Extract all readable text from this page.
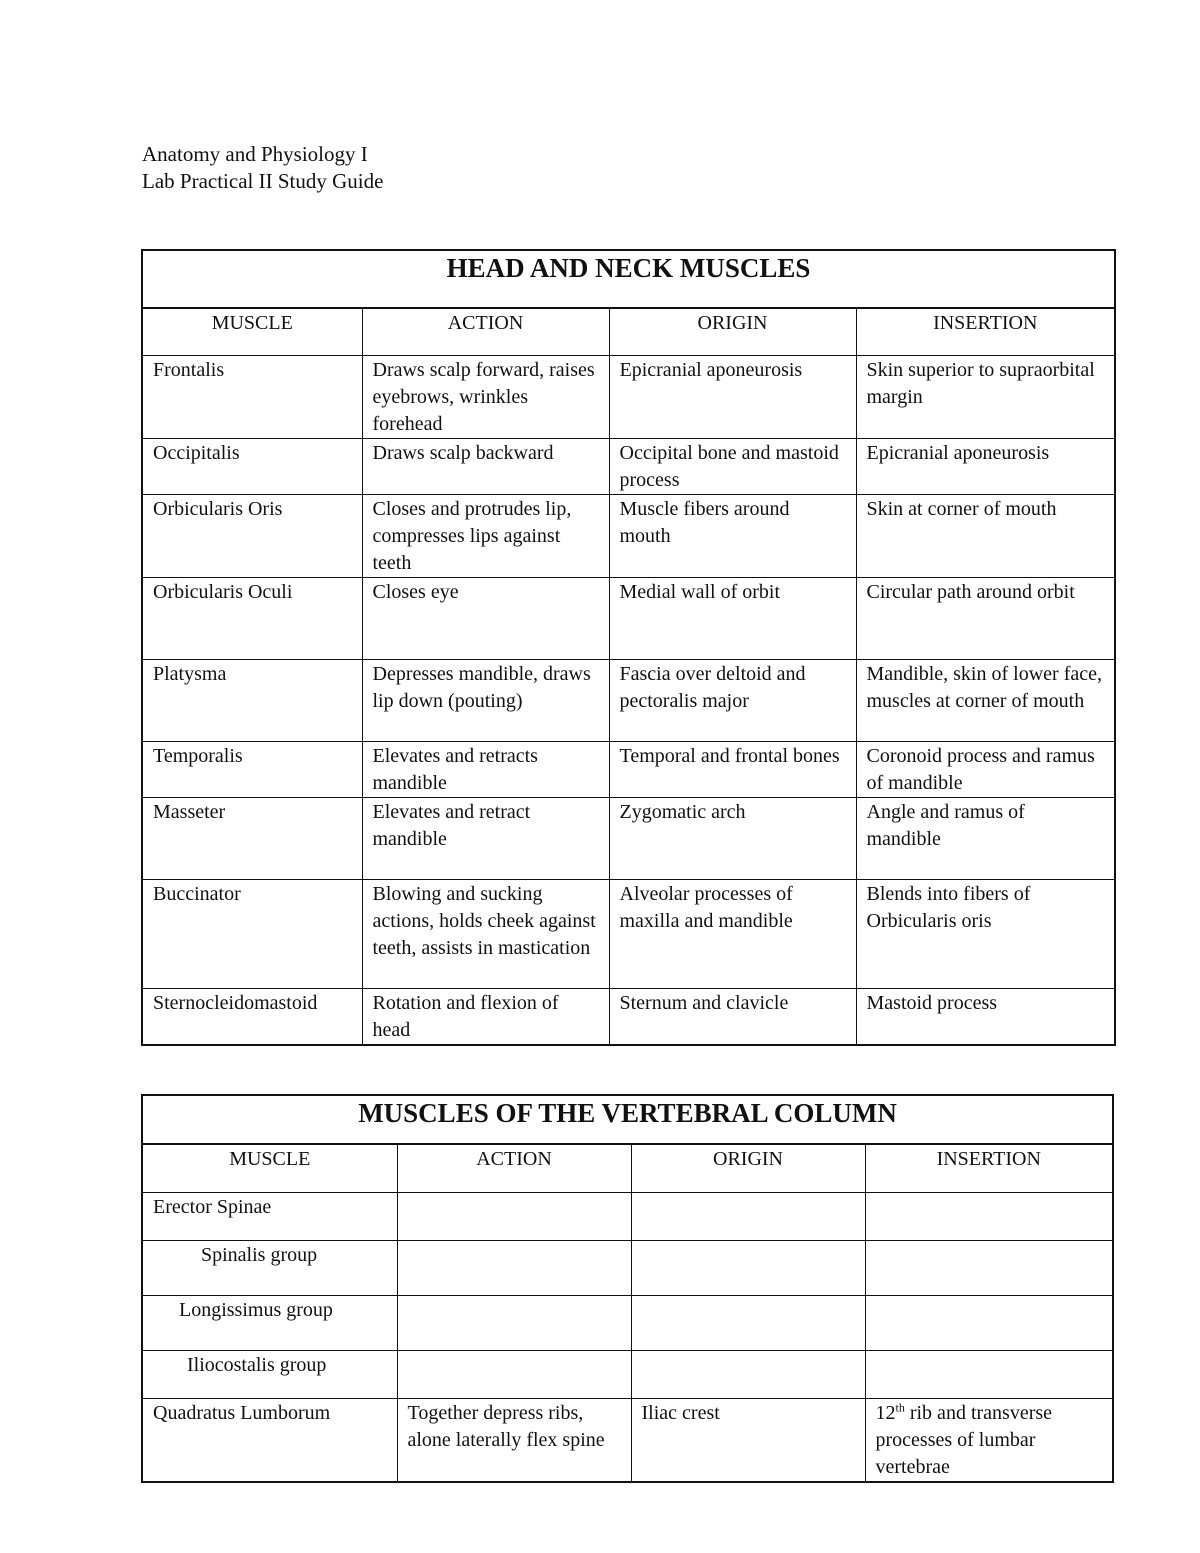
Anatomy and Physiology I
Lab Practical II Study Guide
HEAD AND NECK MUSCLES			
MUSCLE	ACTION	ORIGIN	INSERTION
Frontalis	Draws scalp forward, raises eyebrows, wrinkles forehead	Epicranial aponeurosis	Skin superior to supraorbital margin
Occipitalis	Draws scalp backward	Occipital bone and mastoid process	Epicranial aponeurosis
Orbicularis Oris	Closes and protrudes lip, compresses lips against teeth	Muscle fibers around mouth	Skin at corner of mouth
Orbicularis Oculi	Closes eye	Medial wall of orbit	Circular path around orbit
Platysma	Depresses mandible, draws lip down (pouting)	Fascia over deltoid and pectoralis major	Mandible, skin of lower face, muscles at corner of mouth
Temporalis	Elevates and retracts mandible	Temporal and frontal bones	Coronoid process and ramus of mandible
Masseter	Elevates and retract mandible	Zygomatic arch	Angle and ramus of mandible
Buccinator	Blowing and sucking actions, holds cheek against teeth, assists in mastication	Alveolar processes of maxilla and mandible	Blends into fibers of Orbicularis oris
Sternocleidomastoid	Rotation and flexion of head	Sternum and clavicle	Mastoid process
MUSCLES OF THE VERTEBRAL COLUMN			
MUSCLE	ACTION	ORIGIN	INSERTION
Erector Spinae			
Spinalis group			
Longissimus group			
Iliocostalis group			
Quadratus Lumborum	Together depress ribs, alone laterally flex spine	Iliac crest	12th rib and transverse processes of lumbar vertebrae
